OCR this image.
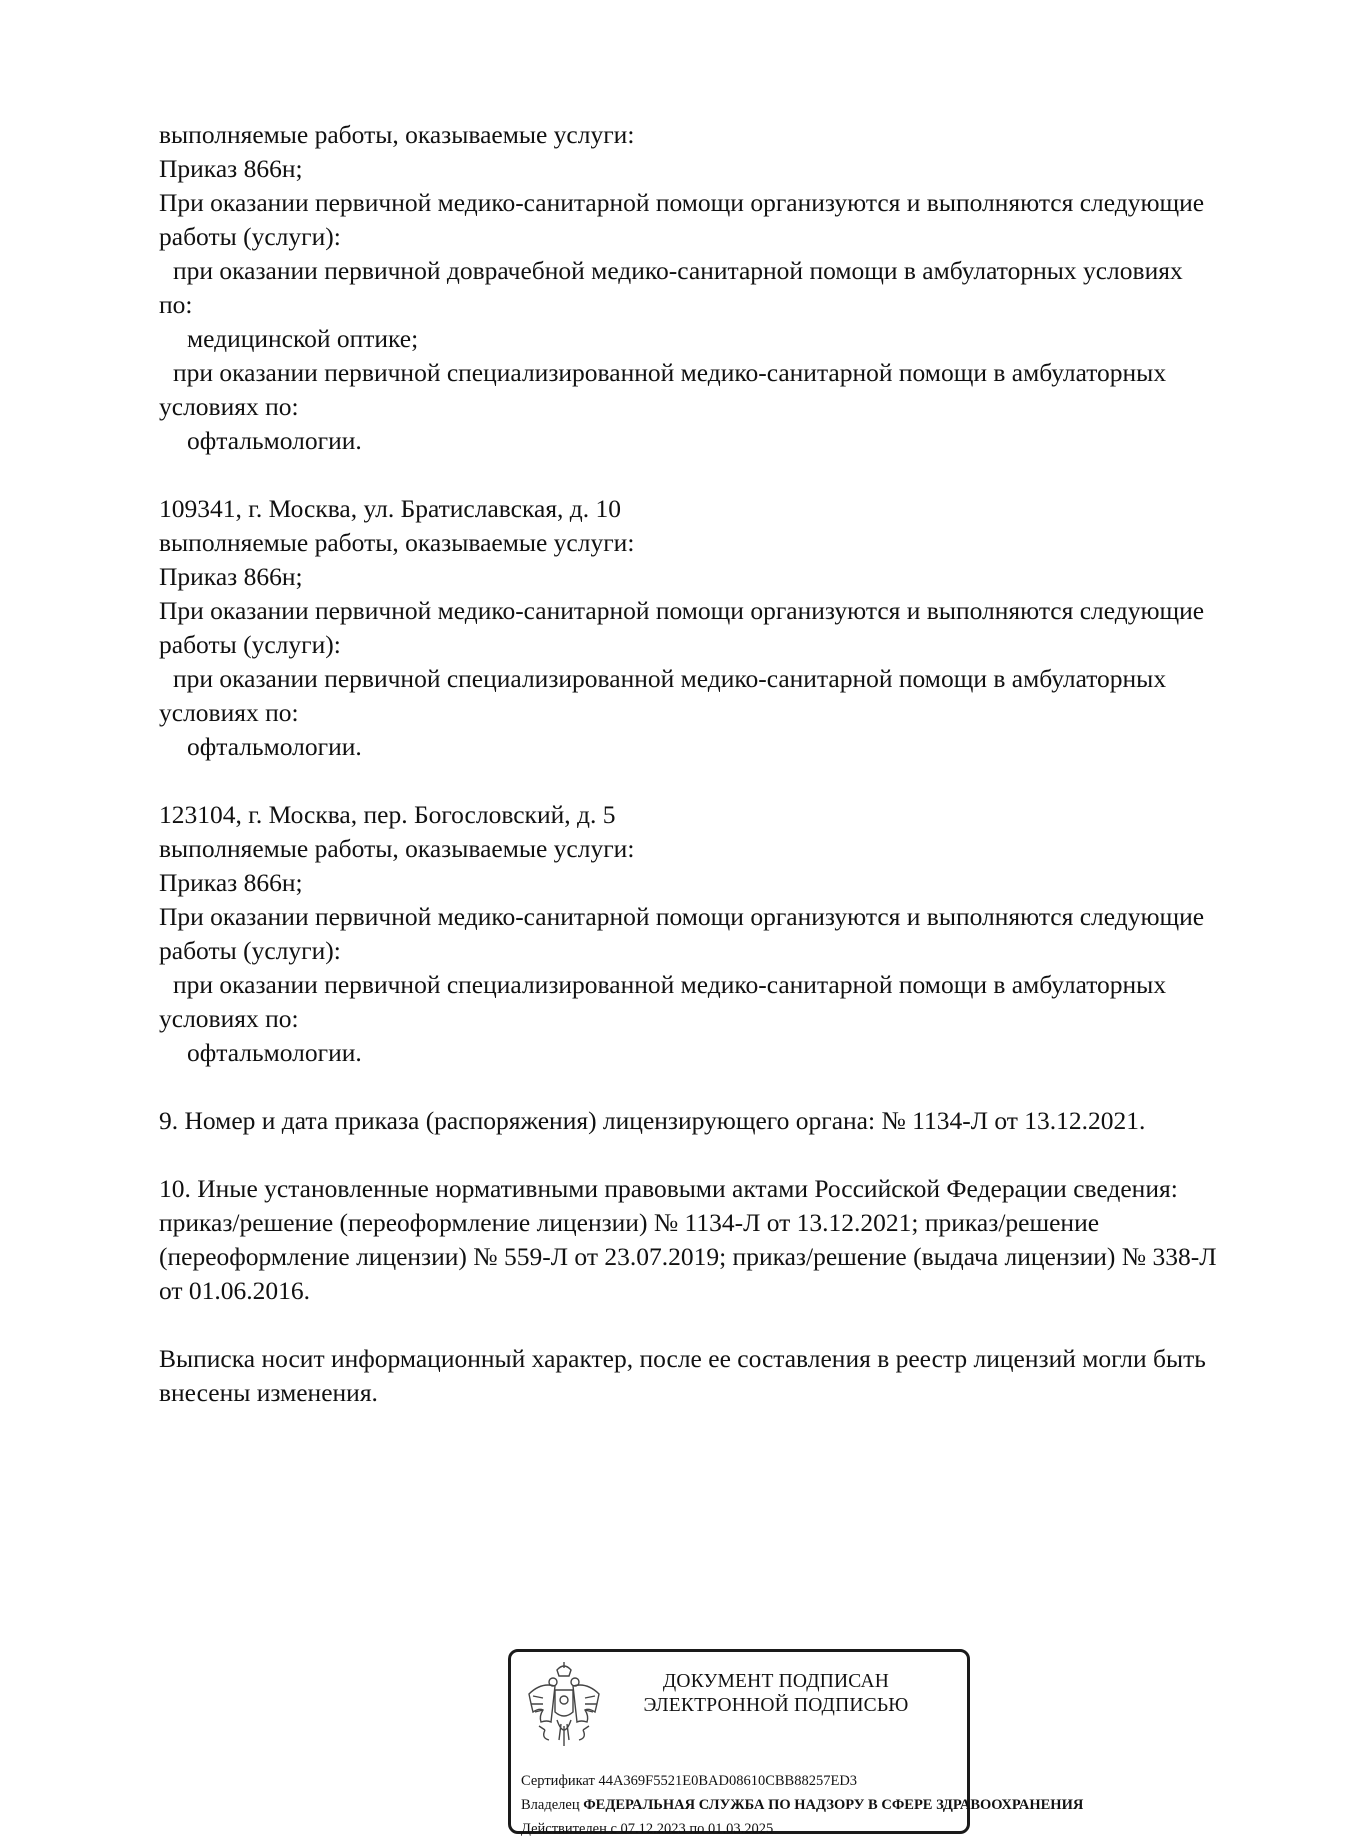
выполняемые работы, оказываемые услуги:
Приказ 866н;
При оказании первичной медико-санитарной помощи организуются и выполняются следующие
работы (услуги):
при оказании первичной доврачебной медико-санитарной помощи в амбулаторных условиях
по:
медицинской оптике;
при оказании первичной специализированной медико-санитарной помощи в амбулаторных
условиях по:
офтальмологии.
109341, г. Москва, ул. Братиславская, д. 10
выполняемые работы, оказываемые услуги:
Приказ 866н;
При оказании первичной медико-санитарной помощи организуются и выполняются следующие
работы (услуги):
при оказании первичной специализированной медико-санитарной помощи в амбулаторных
условиях по:
офтальмологии.
123104, г. Москва, пер. Богословский, д. 5
выполняемые работы, оказываемые услуги:
Приказ 866н;
При оказании первичной медико-санитарной помощи организуются и выполняются следующие
работы (услуги):
при оказании первичной специализированной медико-санитарной помощи в амбулаторных
условиях по:
офтальмологии.
9. Номер и дата приказа (распоряжения) лицензирующего органа: № 1134-Л от 13.12.2021.
10. Иные установленные нормативными правовыми актами Российской Федерации сведения:
приказ/решение (переоформление лицензии) № 1134-Л от 13.12.2021; приказ/решение
(переоформление лицензии) № 559-Л от 23.07.2019; приказ/решение (выдача лицензии) № 338-Л
от 01.06.2016.
Выписка носит информационный характер, после ее составления в реестр лицензий могли быть
внесены изменения.
ДОКУМЕНТ ПОДПИСАН
ЭЛЕКТРОННОЙ ПОДПИСЬЮ
Сертификат 44A369F5521E0BAD08610CBB88257ED3
Владелец ФЕДЕРАЛЬНАЯ СЛУЖБА ПО НАДЗОРУ В СФЕРЕ ЗДРАВООХРАНЕНИЯ
Действителен с 07.12.2023 по 01.03.2025
